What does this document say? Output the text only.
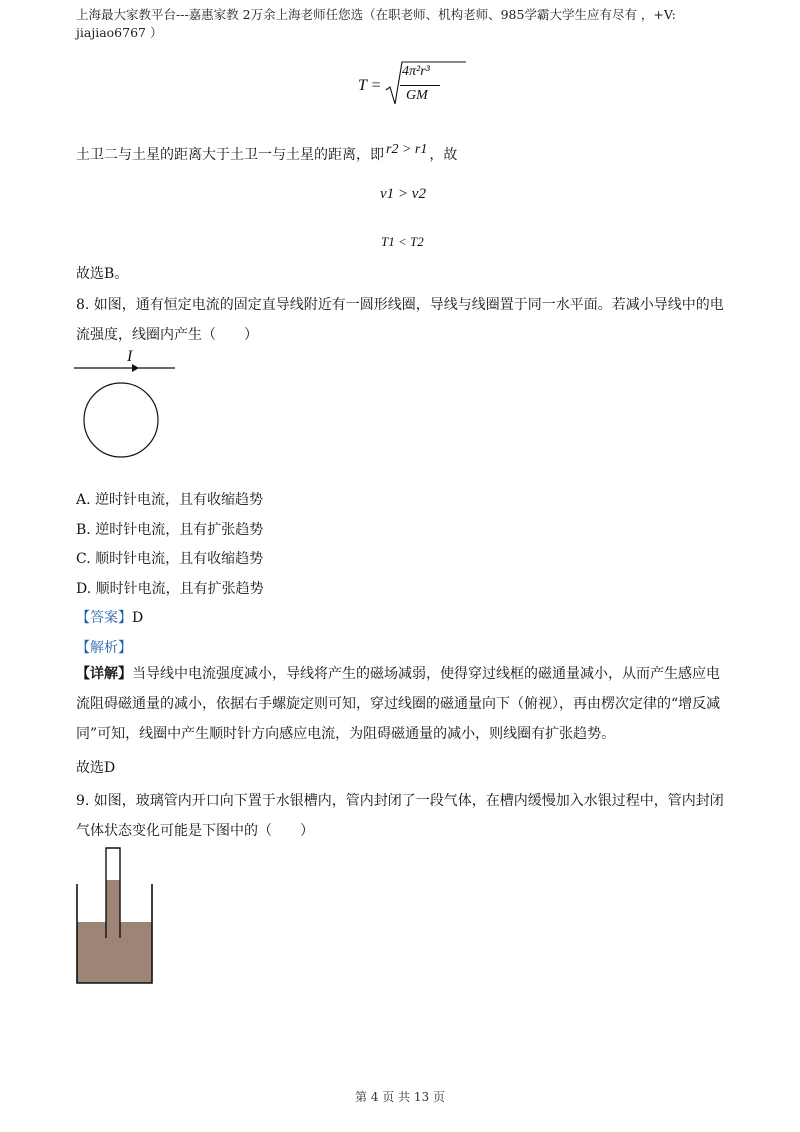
上海最大家教平台---嘉惠家教 2万余上海老师任您选（在职老师、机构老师、985学霸大学生应有尽有 ，+V:
jiajiao6767 ）
T =
4π²r³
GM
土卫二与土星的距离大于土卫一与土星的距离，即 r2 > r1 ，故
v1 > v2
T1 < T2
故选B。
8. 如图，通有恒定电流的固定直导线附近有一圆形线圈，导线与线圈置于同一水平面。若减小导线中的电流强度，线圈内产生（　　）
I
A. 逆时针电流，且有收缩趋势
B. 逆时针电流，且有扩张趋势
C. 顺时针电流，且有收缩趋势
D. 顺时针电流，且有扩张趋势
【答案】D
【解析】
【详解】当导线中电流强度减小，导线将产生的磁场减弱，使得穿过线框的磁通量减小，从而产生感应电流阻碍磁通量的减小，依据右手螺旋定则可知，穿过线圈的磁通量向下（俯视），再由楞次定律的“增反减同”可知，线圈中产生顺时针方向感应电流，为阻碍磁通量的减小，则线圈有扩张趋势。
故选D
9. 如图，玻璃管内开口向下置于水银槽内，管内封闭了一段气体，在槽内缓慢加入水银过程中，管内封闭气体状态变化可能是下图中的（　　）
第 4 页 共 13 页
